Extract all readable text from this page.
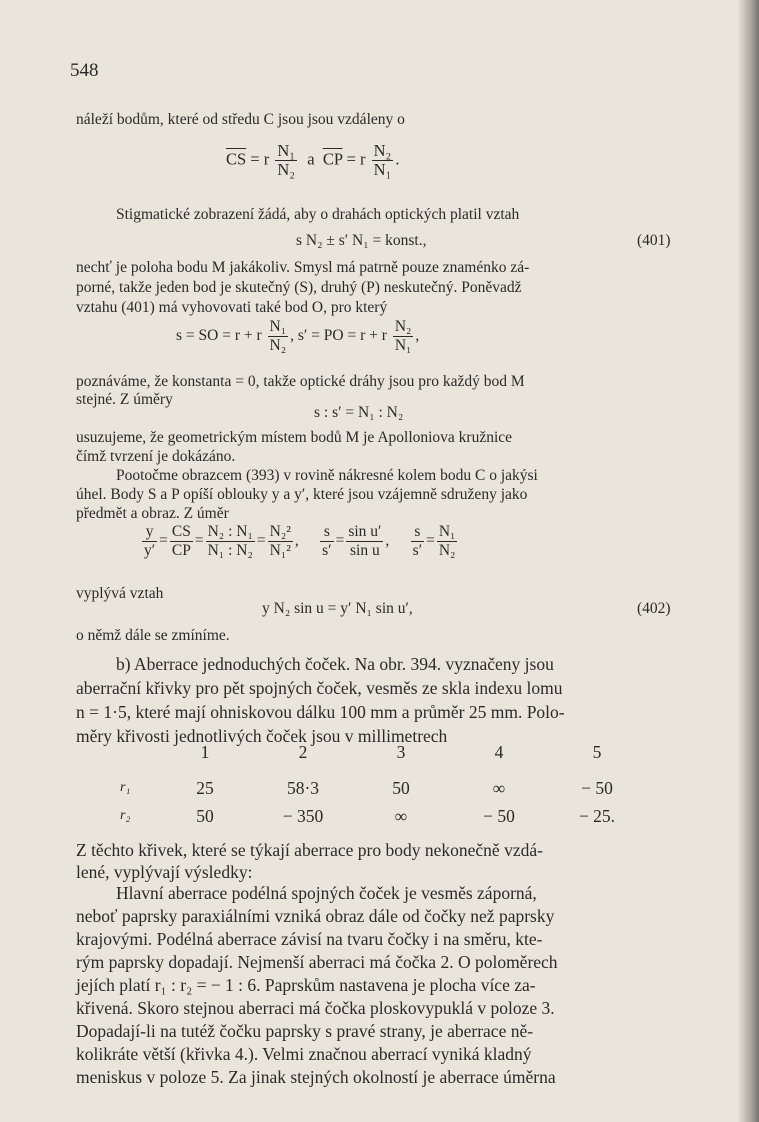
548

náleží bodům, které od středu C jsou jsou vzdáleny o

$\overline{CS} = r \frac{\text{N₁}}{\text{N₂}}$ a $\overline{CP} = r \frac{\text{N₂}}{\text{N₁}}$ .

Stigmatické zobrazení žádá, aby o drahách optických platil vztah

s N₂ ± s′ N₁ = konst.,	(401)

nechť je poloha bodu M jakákoliv. Smysl má patrně pouze znaménko zá-

porné, takže jeden bod je skutečný (S), druhý (P) neskutečný. Poněvadž

vztahu (401) má vyhovovati také bod O, pro který

s = SO = r + r $\frac{\text{N₁}}{\text{N₂}}$ , s′ = PO = r + r $\frac{\text{N₂}}{\text{N₁}}$ ,

poznáváme, že konstanta = 0, takže optické dráhy jsou pro každý bod M

stejné. Z úměry

s : s′ = N₁ : N₂

usuzujeme, že geometrickým místem bodů M je Apolloniova kružnice

čímž tvrzení je dokázáno.

Pootočme obrazcem (393) v rovině nákresné kolem bodu C o jakýsi

úhel. Body S a P opíší oblouky y a y′, které jsou vzájemně sdruženy jako

předmět a obraz. Z úměr

$\frac{y}{y'} = \frac{CS}{CP} = \frac{\text{N₂ : N₁}}{\text{N₁ : N₂}} = \frac{\text{N₂²}}{\text{N₁²}}$ , $\frac{s}{s'} = \frac{\text{sin u′}}{\text{sin u}}$ , $\frac{s}{s'} = \frac{\text{N₁}}{\text{N₂}}$

vyplývá vztah

y N₂ sin u = y′ N₁ sin u′,	(402)

o němž dále se zmíníme.

b) Aberrace jednoduchých čoček. Na obr. 394. vyznačeny jsou

aberrační křivky pro pět spojných čoček, vesměs ze skla indexu lomu

n = 1·5, které mají ohniskovou dálku 100 mm a průměr 25 mm. Polo-

měry křivosti jednotlivých čoček jsou v millimetrech

	1	2	3	4	5

r₁	25	58·3	50	∞	− 50
r₂	50	− 350	∞	− 50	− 25.

Z těchto křivek, které se týkají aberrace pro body nekonečně vzdá-

lené, vyplývají výsledky:

Hlavní aberrace podélná spojných čoček je vesměs záporná,

neboť paprsky paraxiálními vzniká obraz dále od čočky než paprsky

krajovými. Podélná aberrace závisí na tvaru čočky i na směru, kte-

rým paprsky dopadají. Nejmenší aberraci má čočka 2. O poloměrech

jejích platí r₁ : r₂ = − 1 : 6. Paprskům nastavena je plocha více za-

křivená. Skoro stejnou aberraci má čočka ploskovypuklá v poloze 3.

Dopadají-li na tutéž čočku paprsky s pravé strany, je aberrace ně-

kolikráte větší (křivka 4.). Velmi značnou aberrací vyniká kladný

meniskus v poloze 5. Za jinak stejných okolností je aberrace úměrna
